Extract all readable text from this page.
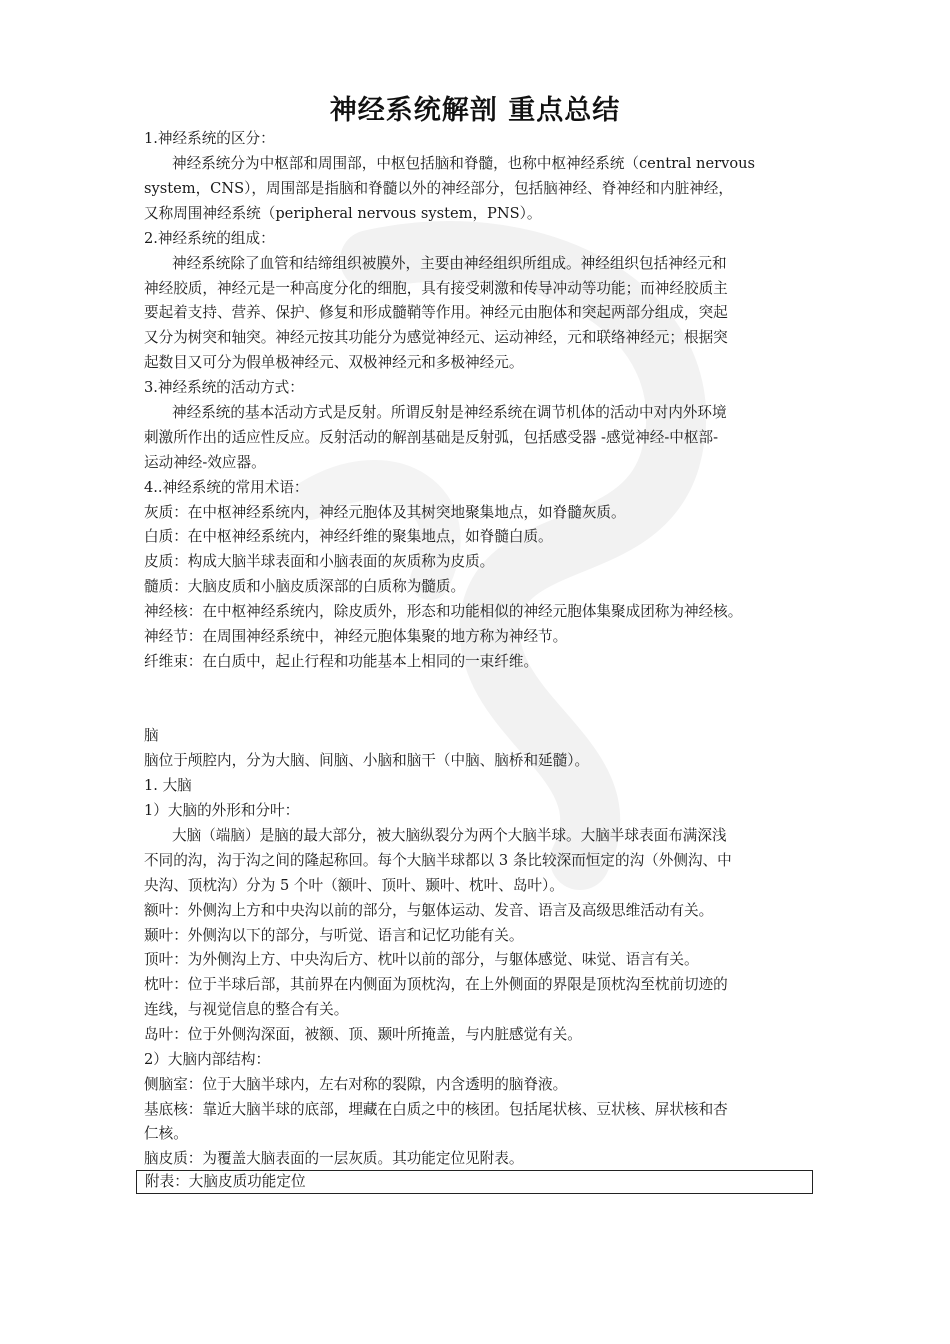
神经系统解剖 重点总结
1.神经系统的区分：
神经系统分为中枢部和周围部，中枢包括脑和脊髓，也称中枢神经系统（central nervous
system，CNS），周围部是指脑和脊髓以外的神经部分，包括脑神经、脊神经和内脏神经，
又称周围神经系统（peripheral nervous system，PNS）。
2.神经系统的组成：
神经系统除了血管和结缔组织被膜外，主要由神经组织所组成。神经组织包括神经元和
神经胶质，神经元是一种高度分化的细胞，具有接受刺激和传导冲动等功能；而神经胶质主
要起着支持、营养、保护、修复和形成髓鞘等作用。神经元由胞体和突起两部分组成，突起
又分为树突和轴突。神经元按其功能分为感觉神经元、运动神经，元和联络神经元；根据突
起数目又可分为假单极神经元、双极神经元和多极神经元。
3.神经系统的活动方式：
神经系统的基本活动方式是反射。所谓反射是神经系统在调节机体的活动中对内外环境
刺激所作出的适应性反应。反射活动的解剖基础是反射弧，包括感受器 -感觉神经-中枢部-
运动神经-效应器。
4..神经系统的常用术语：
灰质：在中枢神经系统内，神经元胞体及其树突地聚集地点，如脊髓灰质。
白质：在中枢神经系统内，神经纤维的聚集地点，如脊髓白质。
皮质：构成大脑半球表面和小脑表面的灰质称为皮质。
髓质：大脑皮质和小脑皮质深部的白质称为髓质。
神经核：在中枢神经系统内，除皮质外，形态和功能相似的神经元胞体集聚成团称为神经核。
神经节：在周围神经系统中，神经元胞体集聚的地方称为神经节。
纤维束：在白质中，起止行程和功能基本上相同的一束纤维。
脑
脑位于颅腔内，分为大脑、间脑、小脑和脑干（中脑、脑桥和延髓）。
1. 大脑
1）大脑的外形和分叶：
大脑（端脑）是脑的最大部分，被大脑纵裂分为两个大脑半球。大脑半球表面布满深浅
不同的沟，沟于沟之间的隆起称回。每个大脑半球都以 3 条比较深而恒定的沟（外侧沟、中
央沟、顶枕沟）分为 5 个叶（额叶、顶叶、颞叶、枕叶、岛叶）。
额叶：外侧沟上方和中央沟以前的部分，与躯体运动、发音、语言及高级思维活动有关。
颞叶：外侧沟以下的部分，与听觉、语言和记忆功能有关。
顶叶：为外侧沟上方、中央沟后方、枕叶以前的部分，与躯体感觉、味觉、语言有关。
枕叶：位于半球后部，其前界在内侧面为顶枕沟，在上外侧面的界限是顶枕沟至枕前切迹的
连线，与视觉信息的整合有关。
岛叶：位于外侧沟深面，被额、顶、颞叶所掩盖，与内脏感觉有关。
2）大脑内部结构：
侧脑室：位于大脑半球内，左右对称的裂隙，内含透明的脑脊液。
基底核：靠近大脑半球的底部，埋藏在白质之中的核团。包括尾状核、豆状核、屏状核和杏
仁核。
脑皮质：为覆盖大脑表面的一层灰质。其功能定位见附表。
附表：大脑皮质功能定位
